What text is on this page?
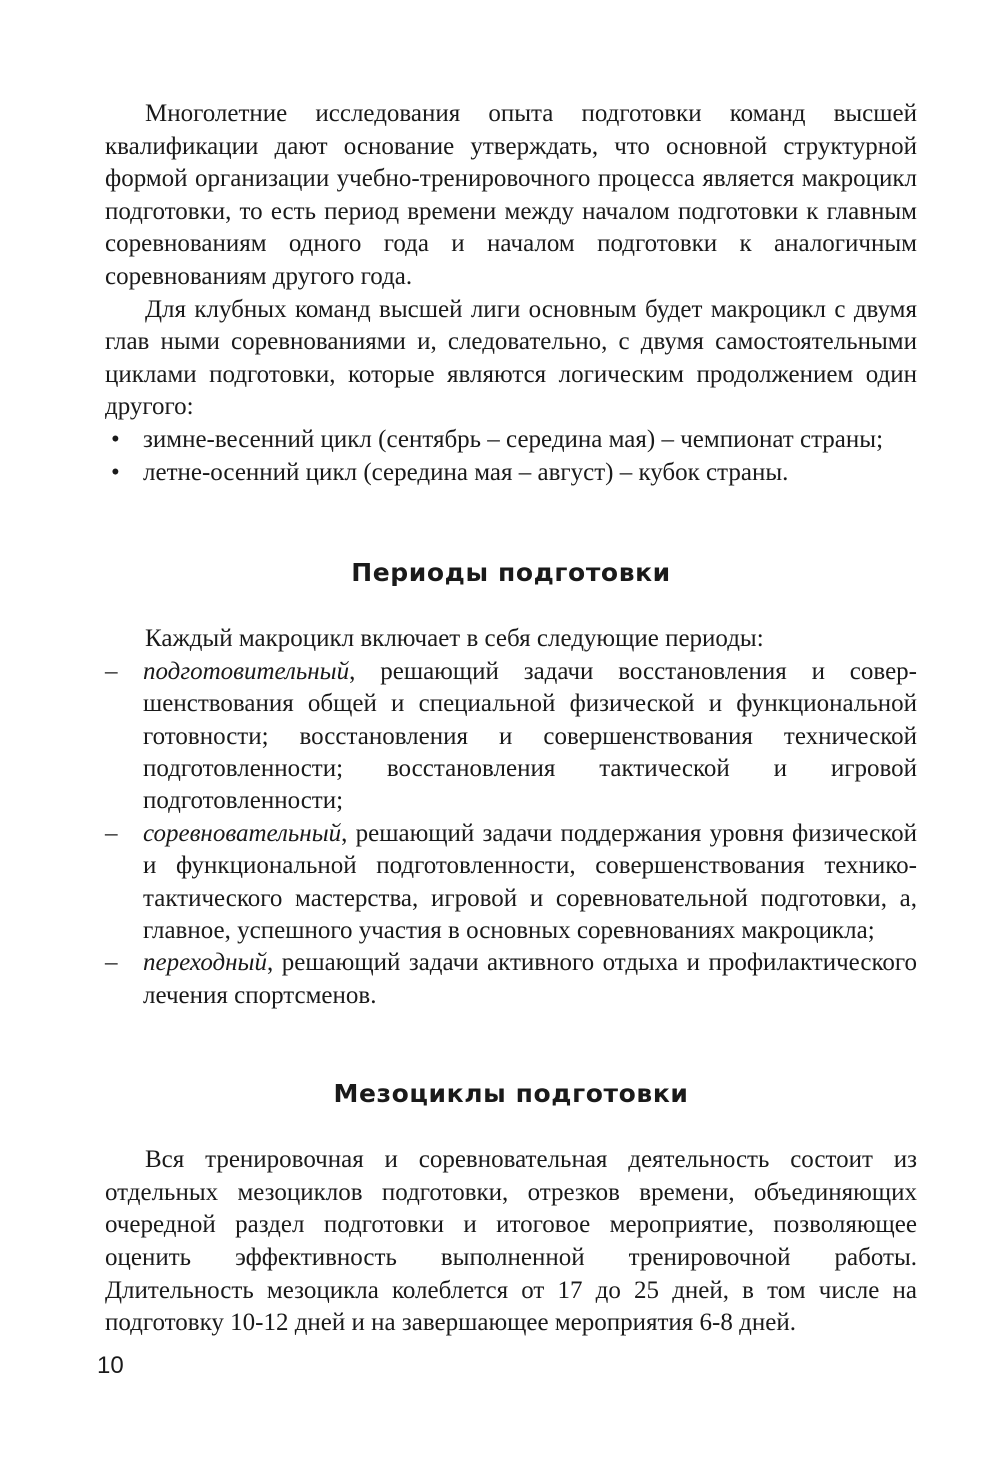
Многолетние исследования опыта подготовки команд высшей квалификации дают основание утверждать, что основной структурной формой организации учебно-тренировочного процесса является макроцикл подготовки, то есть период времени между началом подготовки к главным соревнованиям одного года и началом подготовки к аналогичным соревнованиям другого года.

Для клубных команд высшей лиги основным будет макроцикл с двумя глав ными соревнованиями и, следовательно, с двумя самостоятельными циклами подготовки, которые являются логическим продолжением один другого:

• зимне-весенний цикл (сентябрь – середина мая) – чемпионат страны;
• летне-осенний цикл (середина мая – август) – кубок страны.
Периоды подготовки

Каждый макроцикл включает в себя следующие периоды:

– подготовительный, решающий задачи восстановления и совершенствования общей и специальной физической и функциональной готовности; восстановления и совершенствования технической подготовленности; восстановления тактической и игровой подготовленности;
– соревновательный, решающий задачи поддержания уровня физической и функциональной подготовленности, совершенствования технико-тактического мастерства, игровой и соревновательной подготовки, а, главное, успешного участия в основных соревнованиях макроцикла;
– переходный, решающий задачи активного отдыха и профилактического лечения спортсменов.
Мезоциклы подготовки

Вся тренировочная и соревновательная деятельность состоит из отдельных мезоциклов подготовки, отрезков времени, объединяющих очередной раздел подготовки и итоговое мероприятие, позволяющее оценить эффективность выполненной тренировочной работы. Длительность мезоцикла колеблется от 17 до 25 дней, в том числе на подготовку 10-12 дней и на завершающее мероприятия 6-8 дней.

10
